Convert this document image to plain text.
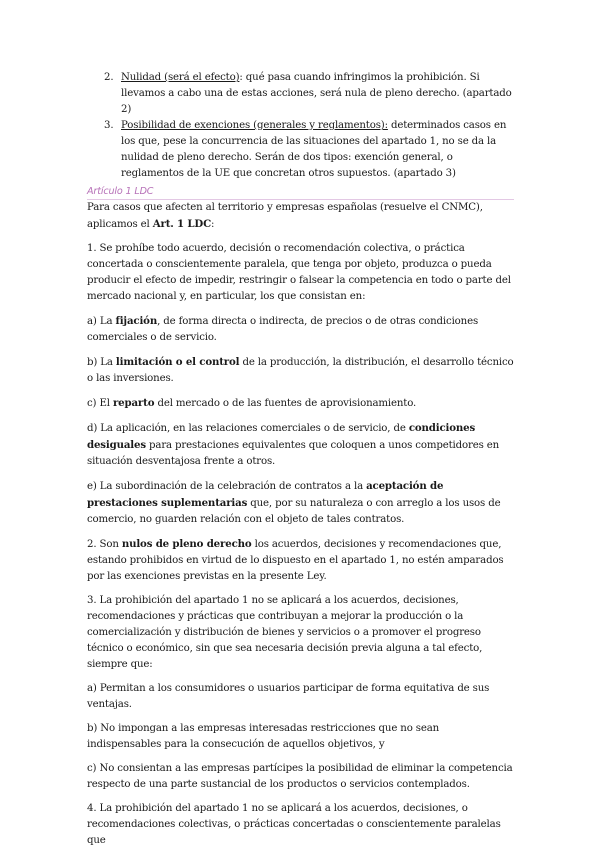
2. Nulidad (será el efecto): qué pasa cuando infringimos la prohibición. Si llevamos a cabo una de estas acciones, será nula de pleno derecho. (apartado 2)
3. Posibilidad de exenciones (generales y reglamentos): determinados casos en los que, pese la concurrencia de las situaciones del apartado 1, no se da la nulidad de pleno derecho. Serán de dos tipos: exención general, o reglamentos de la UE que concretan otros supuestos. (apartado 3)
Artículo 1 LDC

Para casos que afecten al territorio y empresas españolas (resuelve el CNMC), aplicamos el Art. 1 LDC:

1. Se prohíbe todo acuerdo, decisión o recomendación colectiva, o práctica concertada o conscientemente paralela, que tenga por objeto, produzca o pueda producir el efecto de impedir, restringir o falsear la competencia en todo o parte del mercado nacional y, en particular, los que consistan en:

a) La fijación, de forma directa o indirecta, de precios o de otras condiciones comerciales o de servicio.

b) La limitación o el control de la producción, la distribución, el desarrollo técnico o las inversiones.

c) El reparto del mercado o de las fuentes de aprovisionamiento.

d) La aplicación, en las relaciones comerciales o de servicio, de condiciones desiguales para prestaciones equivalentes que coloquen a unos competidores en situación desventajosa frente a otros.

e) La subordinación de la celebración de contratos a la aceptación de prestaciones suplementarias que, por su naturaleza o con arreglo a los usos de comercio, no guarden relación con el objeto de tales contratos.

2. Son nulos de pleno derecho los acuerdos, decisiones y recomendaciones que, estando prohibidos en virtud de lo dispuesto en el apartado 1, no estén amparados por las exenciones previstas en la presente Ley.

3. La prohibición del apartado 1 no se aplicará a los acuerdos, decisiones, recomendaciones y prácticas que contribuyan a mejorar la producción o la comercialización y distribución de bienes y servicios o a promover el progreso técnico o económico, sin que sea necesaria decisión previa alguna a tal efecto, siempre que:

a) Permitan a los consumidores o usuarios participar de forma equitativa de sus ventajas.

b) No impongan a las empresas interesadas restricciones que no sean indispensables para la consecución de aquellos objetivos, y

c) No consientan a las empresas partícipes la posibilidad de eliminar la competencia respecto de una parte sustancial de los productos o servicios contemplados.

4. La prohibición del apartado 1 no se aplicará a los acuerdos, decisiones, o recomendaciones colectivas, o prácticas concertadas o conscientemente paralelas que
